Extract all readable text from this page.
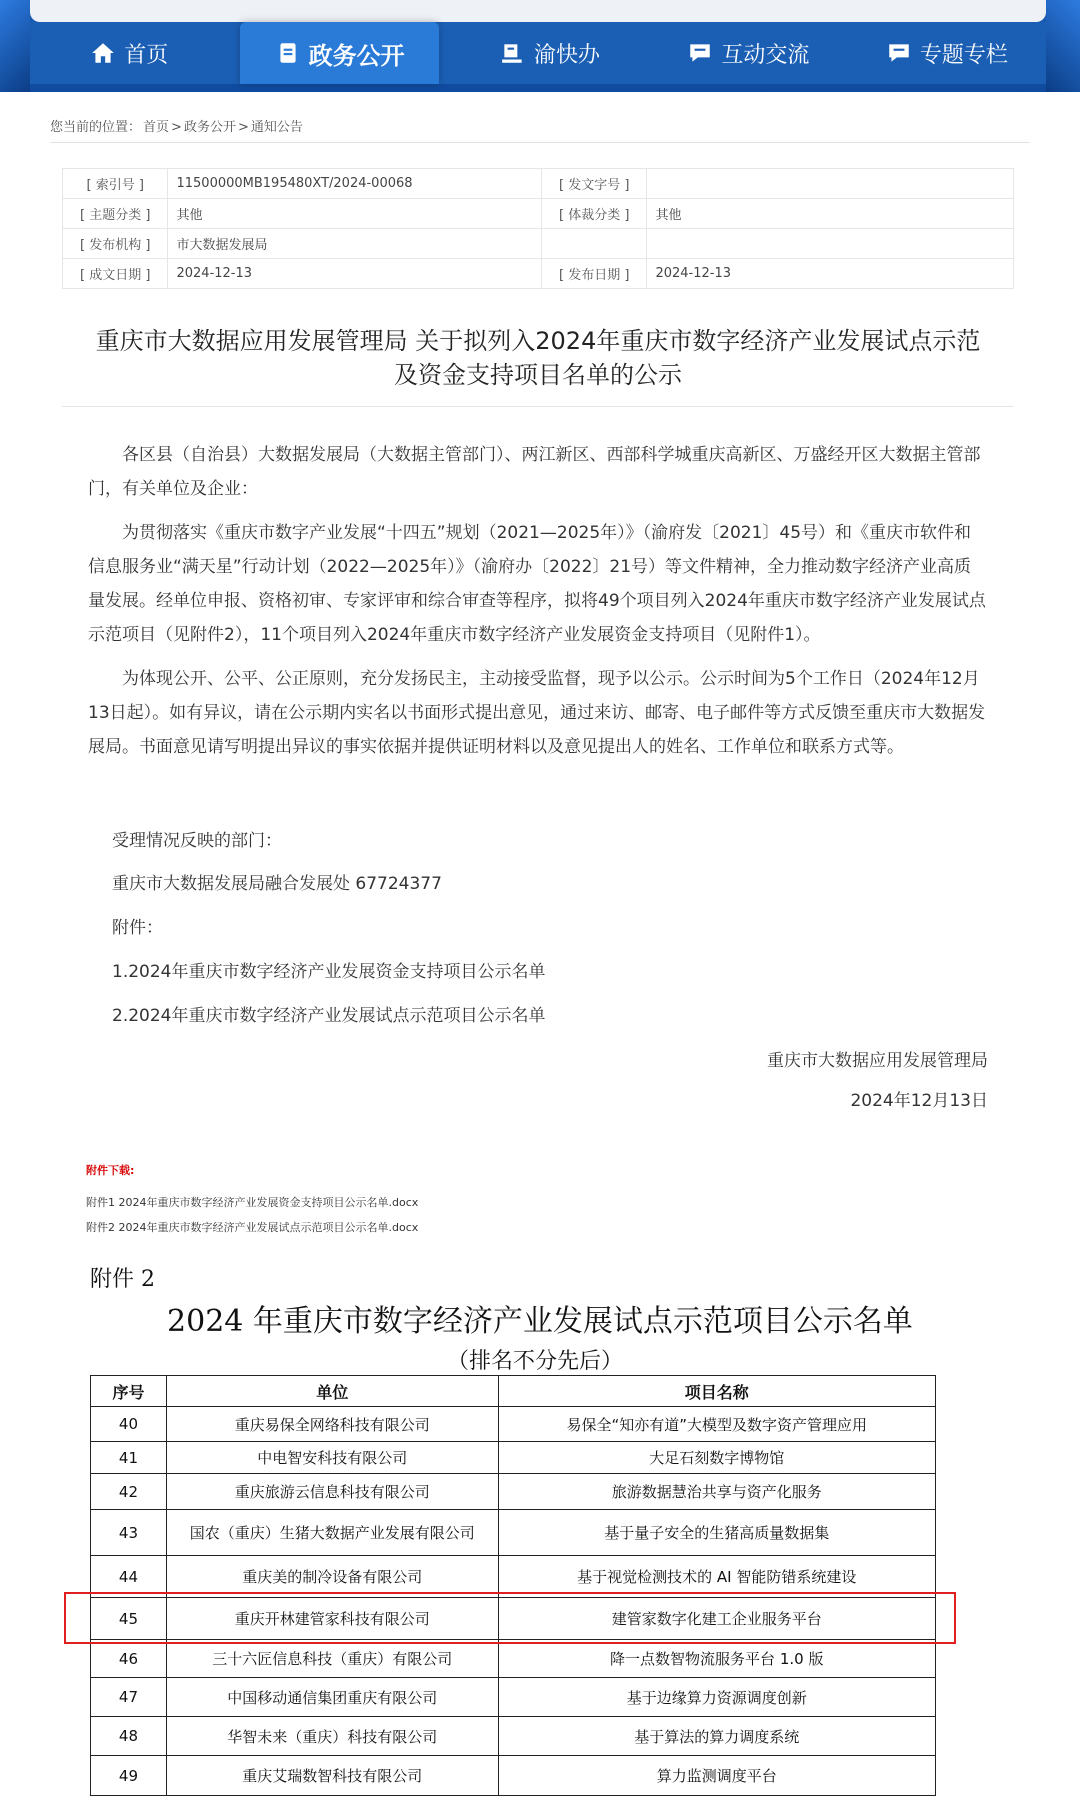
首页	政务公开	渝快办	互动交流	专题专栏
您当前的位置： 首页 > 政务公开 > 通知公告
[ 索引号 ]	11500000MB195480XT/2024-00068	[ 发文字号 ]	
[ 主题分类 ]	其他	[ 体裁分类 ]	其他
[ 发布机构 ]	市大数据发展局		
[ 成文日期 ]	2024-12-13	[ 发布日期 ]	2024-12-13
重庆市大数据应用发展管理局 关于拟列入2024年重庆市数字经济产业发展试点示范
及资金支持项目名单的公示

各区县（自治县）大数据发展局（大数据主管部门）、两江新区、西部科学城重庆高新区、万盛经开区大数据主管部门，有关单位及企业：

为贯彻落实《重庆市数字产业发展“十四五”规划（2021—2025年）》（渝府发〔2021〕45号）和《重庆市软件和信息服务业“满天星”行动计划（2022—2025年）》（渝府办〔2022〕21号）等文件精神，全力推动数字经济产业高质量发展。经单位申报、资格初审、专家评审和综合审查等程序，拟将49个项目列入2024年重庆市数字经济产业发展试点示范项目（见附件2），11个项目列入2024年重庆市数字经济产业发展资金支持项目（见附件1）。

为体现公开、公平、公正原则，充分发扬民主，主动接受监督，现予以公示。公示时间为5个工作日（2024年12月13日起）。如有异议，请在公示期内实名以书面形式提出意见，通过来访、邮寄、电子邮件等方式反馈至重庆市大数据发展局。书面意见请写明提出异议的事实依据并提供证明材料以及意见提出人的姓名、工作单位和联系方式等。

受理情况反映的部门：
重庆市大数据发展局融合发展处 67724377
附件：
1.2024年重庆市数字经济产业发展资金支持项目公示名单
2.2024年重庆市数字经济产业发展试点示范项目公示名单
重庆市大数据应用发展管理局
2024年12月13日
附件下载:
附件1 2024年重庆市数字经济产业发展资金支持项目公示名单.docx
附件2 2024年重庆市数字经济产业发展试点示范项目公示名单.docx
附件 2
2024 年重庆市数字经济产业发展试点示范项目公示名单
（排名不分先后）
序号	单位	项目名称
40	重庆易保全网络科技有限公司	易保全“知亦有道”大模型及数字资产管理应用
41	中电智安科技有限公司	大足石刻数字博物馆
42	重庆旅游云信息科技有限公司	旅游数据慧治共享与资产化服务
43	国农（重庆）生猪大数据产业发展有限公司	基于量子安全的生猪高质量数据集
44	重庆美的制冷设备有限公司	基于视觉检测技术的 AI 智能防错系统建设
45	重庆开林建管家科技有限公司	建管家数字化建工企业服务平台
46	三十六匠信息科技（重庆）有限公司	降一点数智物流服务平台 1.0 版
47	中国移动通信集团重庆有限公司	基于边缘算力资源调度创新
48	华智未来（重庆）科技有限公司	基于算法的算力调度系统
49	重庆艾瑞数智科技有限公司	算力监测调度平台
